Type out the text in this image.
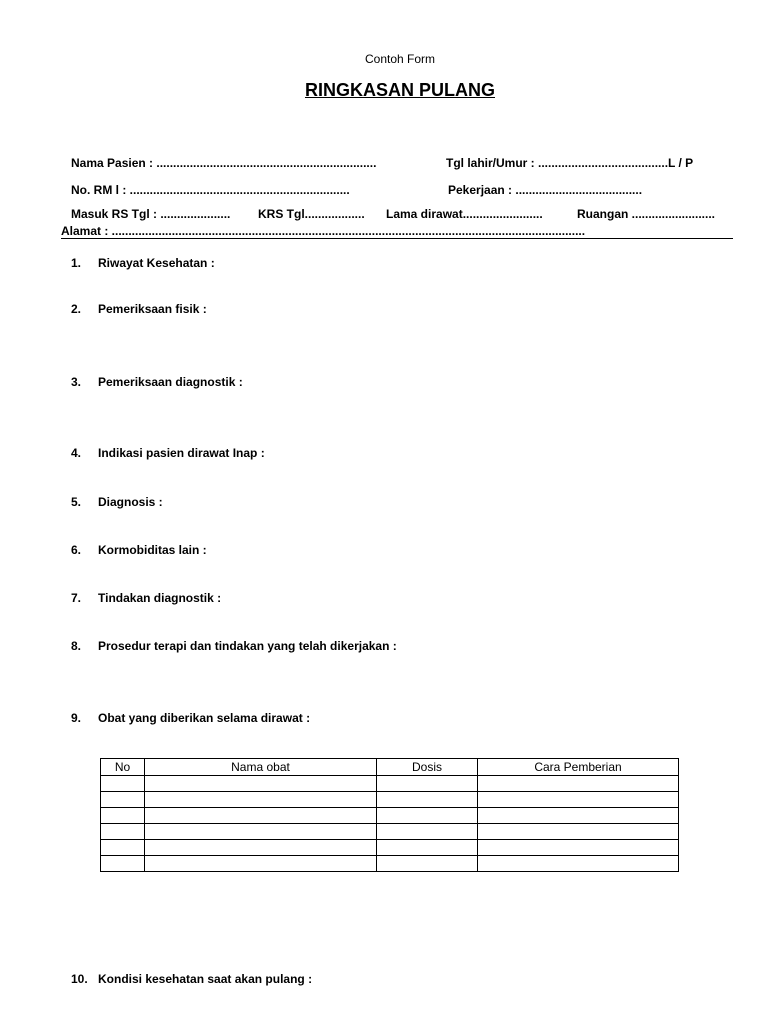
Contoh Form
RINGKASAN PULANG
Nama Pasien : ..................................................................	Tgl lahir/Umur : .......................................L / P
No. RM l : ..................................................................	Pekerjaan : ......................................
Masuk RS Tgl : ..................... KRS Tgl.................. Lama dirawat........................	Ruangan .........................
Alamat : ..............................................................................................................................................
1. Riwayat Kesehatan :
2. Pemeriksaan fisik :
3. Pemeriksaan diagnostik :
4. Indikasi pasien dirawat Inap :
5. Diagnosis :
6. Kormobiditas lain :
7. Tindakan diagnostik :
8. Prosedur terapi dan tindakan yang telah dikerjakan :
9. Obat yang diberikan selama dirawat :
No	Nama obat	Dosis	Cara Pemberian

10. Kondisi kesehatan saat akan pulang :
